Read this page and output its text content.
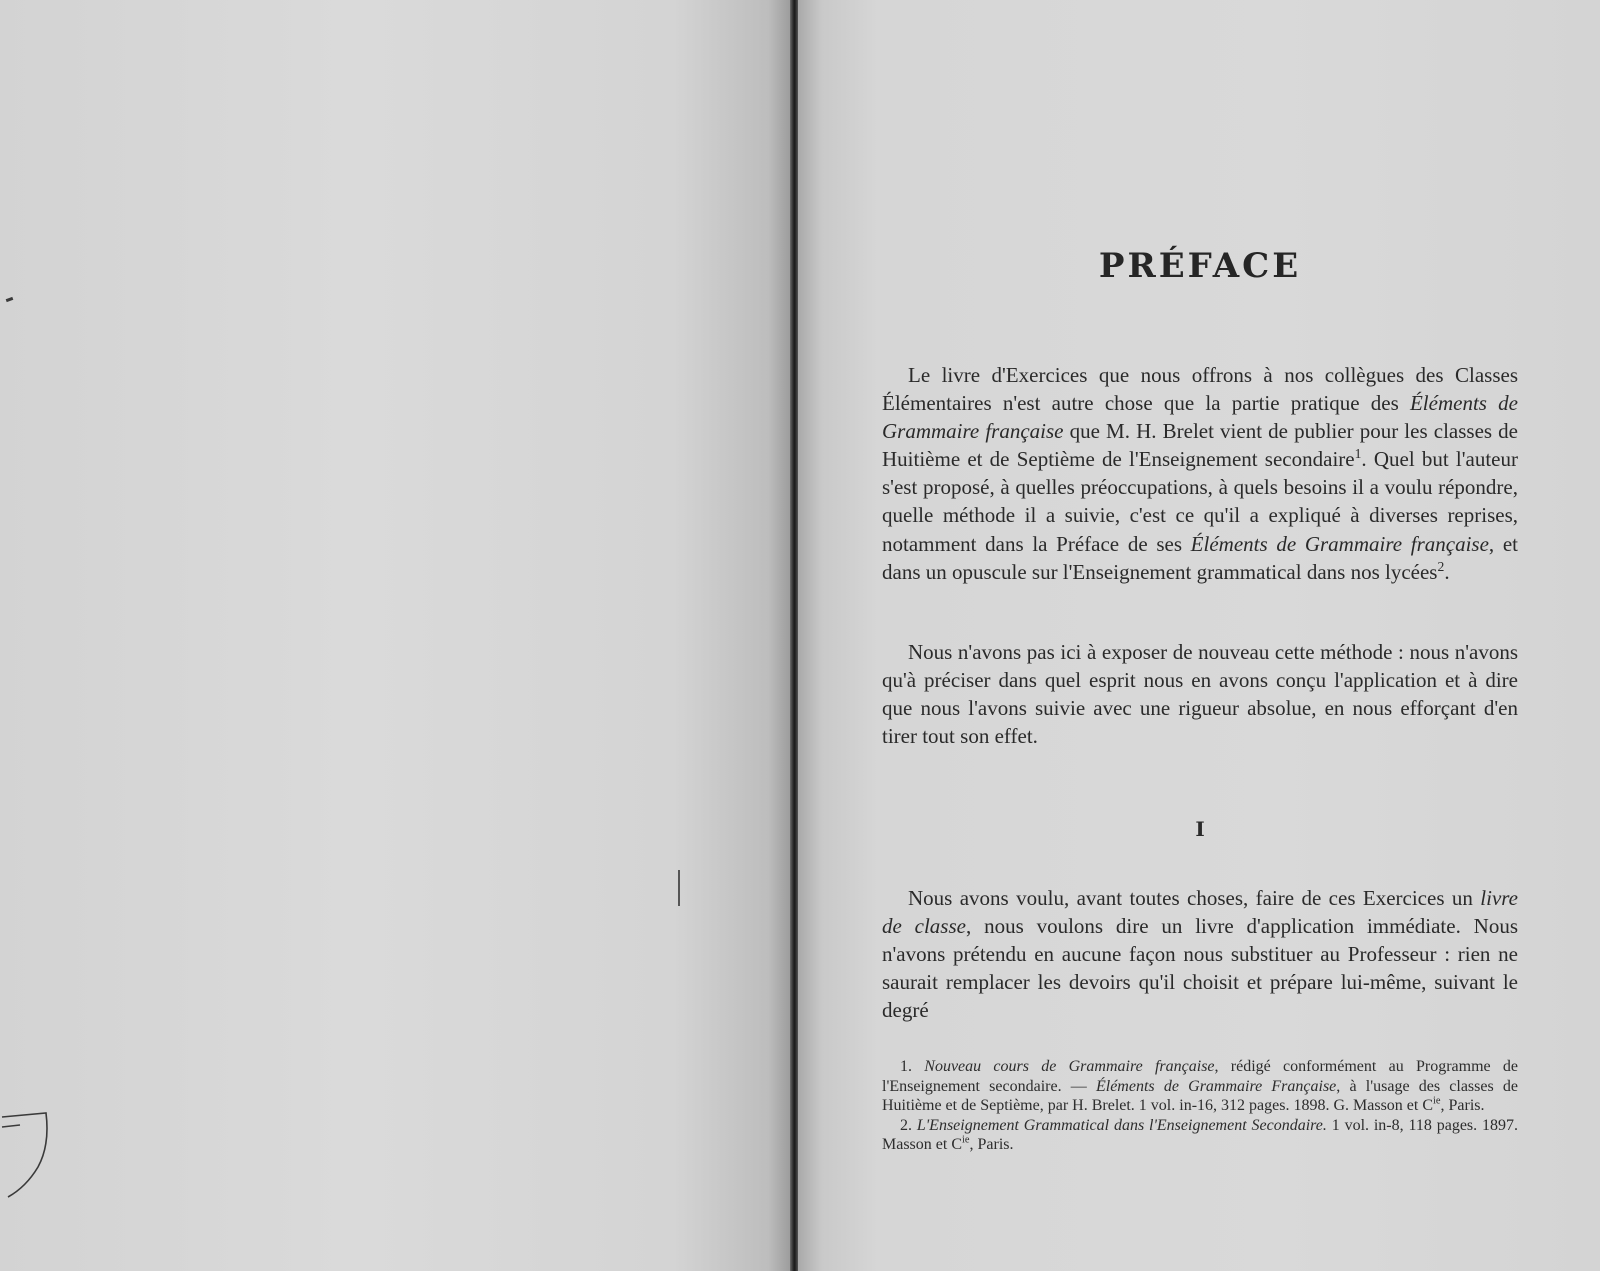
PRÉFACE
Le livre d'Exercices que nous offrons à nos collègues des Classes Élémentaires n'est autre chose que la partie pratique des Éléments de Grammaire française que M. H. Brelet vient de publier pour les classes de Huitième et de Septième de l'Enseignement secondaire$^1$. Quel but l'auteur s'est proposé, à quelles préoccupations, à quels besoins il a voulu répondre, quelle méthode il a suivie, c'est ce qu'il a expliqué à diverses reprises, notamment dans la Préface de ses Éléments de Grammaire française, et dans un opuscule sur l'Enseignement grammatical dans nos lycées$^2$.
Nous n'avons pas ici à exposer de nouveau cette méthode : nous n'avons qu'à préciser dans quel esprit nous en avons conçu l'application et à dire que nous l'avons suivie avec une rigueur absolue, en nous efforçant d'en tirer tout son effet.
I
Nous avons voulu, avant toutes choses, faire de ces Exercices un livre de classe, nous voulons dire un livre d'application immédiate. Nous n'avons prétendu en aucune façon nous substituer au Professeur : rien ne saurait remplacer les devoirs qu'il choisit et prépare lui-même, suivant le degré

1. Nouveau cours de Grammaire française, rédigé conformément au Programme de l'Enseignement secondaire. — Éléments de Grammaire Française, à l'usage des classes de Huitième et de Septième, par H. Brelet. 1 vol. in-16, 312 pages. 1898. G. Masson et $C^{ie}$, Paris.

2. L'Enseignement Grammatical dans l'Enseignement Secondaire. 1 vol. in-8, 118 pages. 1897. Masson et $C^{ie}$, Paris.
